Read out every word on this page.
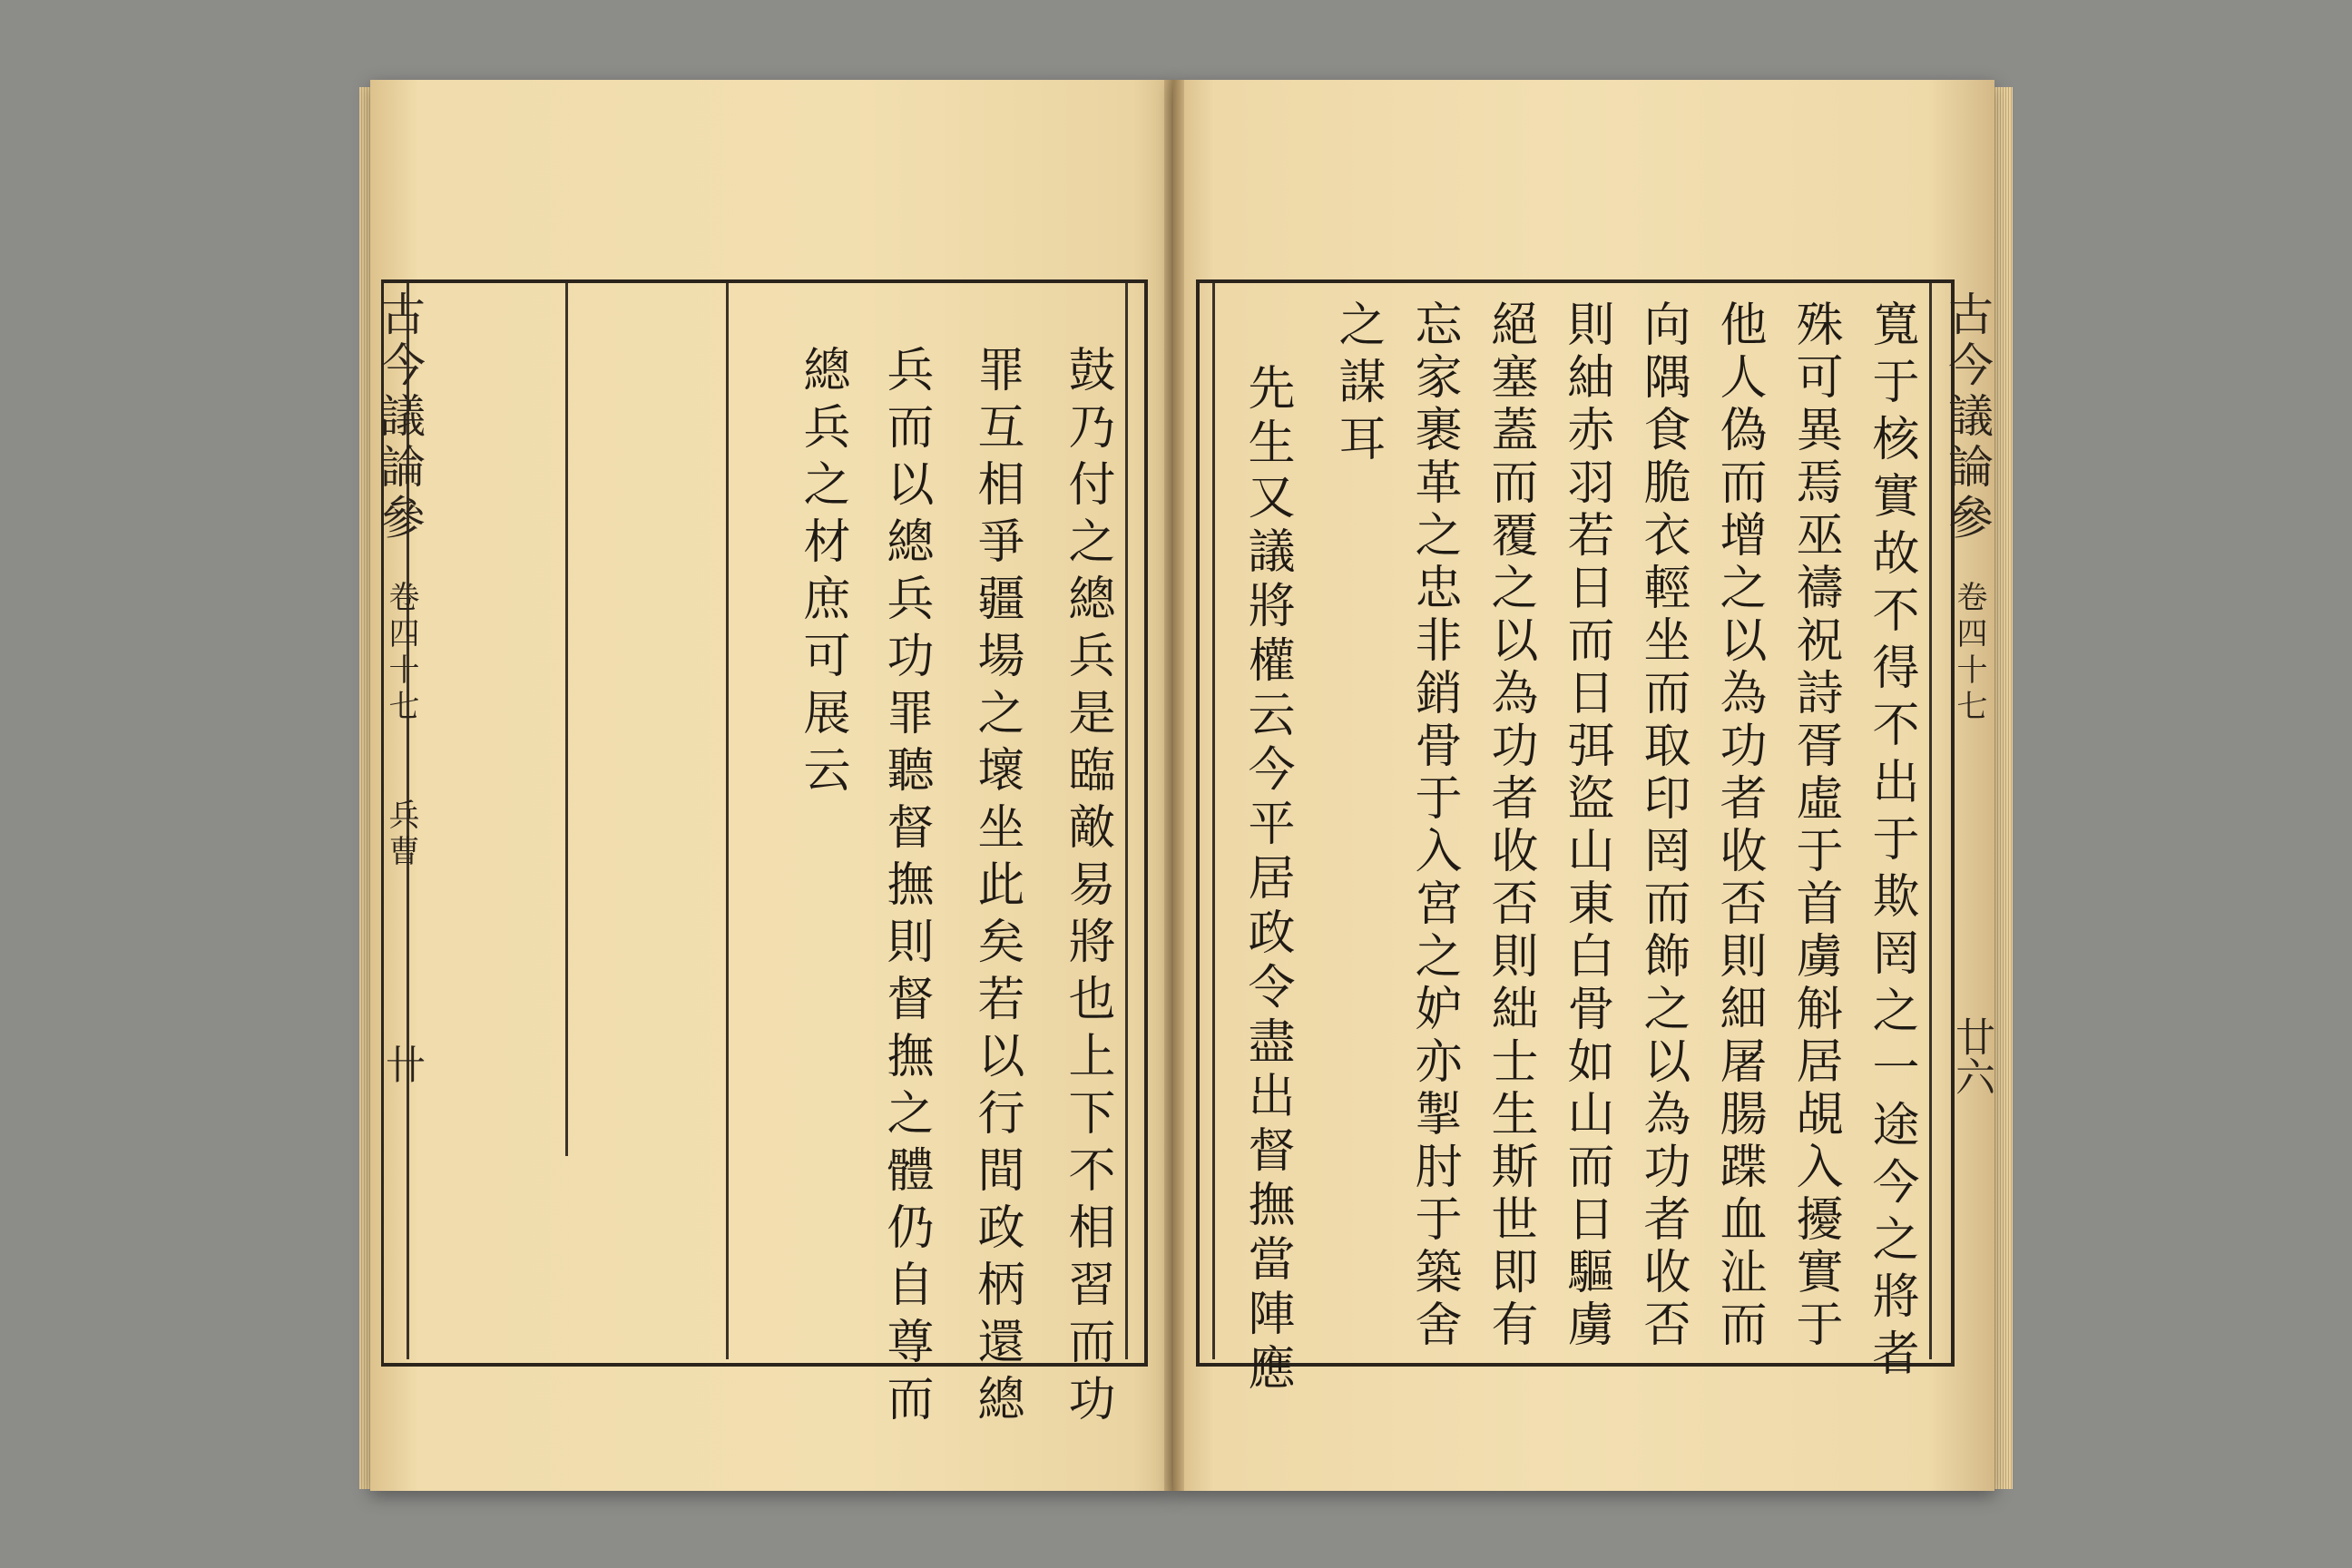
古今議論參
卷四十七
兵曹
卄	鼓乃付之總兵是臨敵易將也上下不相習而功
罪互相爭疆場之壞坐此矣若以行間政柄還總
兵而以總兵功罪聽督撫則督撫之體仍自尊而
總兵之材庶可展云	古今議論參
卷四十七
廿六
寬于核實故不得不出于欺罔之一途今之將者
殊可異焉巫禱祝詩胥虛于首虜斛居覘入擾實于
他人偽而增之以為功者收否則細屠腸蹀血沚而
向隅食脆衣輕坐而取印罔而飾之以為功者收否
則紬赤羽若日而日弭盜山東白骨如山而日驅虜
絕塞蓋而覆之以為功者收否則絀士生斯世即有
忘家裹革之忠非銷骨于入宮之妒亦掣肘于築舍
之謀耳
先生又議將權云今平居政令盡出督撫當陣應
